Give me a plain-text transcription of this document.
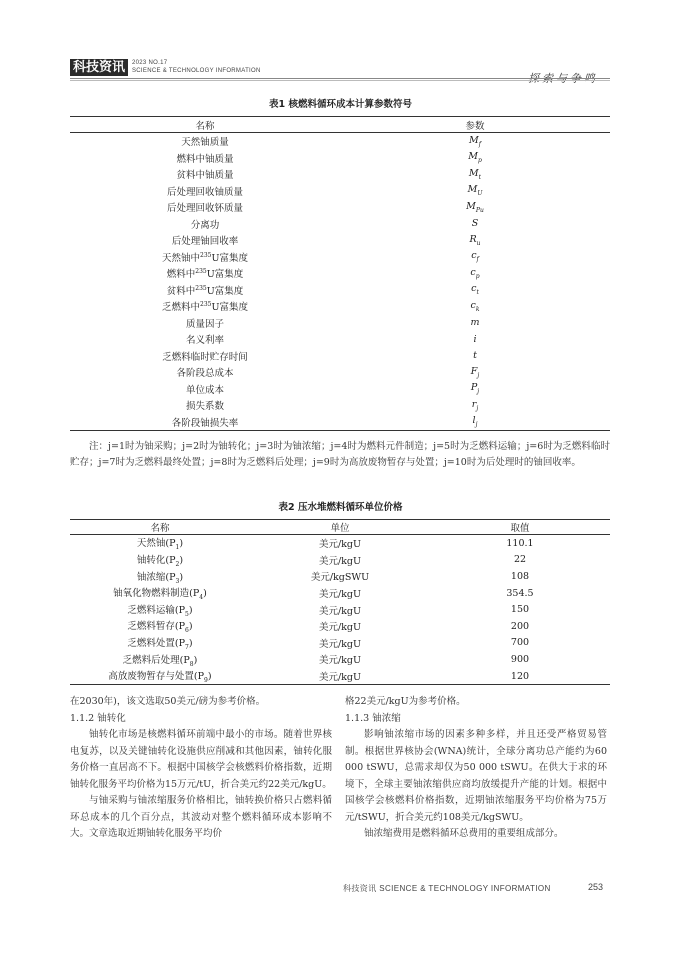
科技资讯	2023 NO.17
SCIENCE & TECHNOLOGY INFORMATION
探索与争鸣
表1 核燃料循环成本计算参数符号
名称	参数
天然铀质量	$M_f$
燃料中铀质量	$M_p$
贫料中铀质量	$M_t$
后处理回收铀质量	$M_U$
后处理回收钚质量	$M_{Pu}$
分离功	S
后处理铀回收率	$R_u$
天然铀中$^{235}$U富集度	$c_f$
燃料中$^{235}$U富集度	$c_p$
贫料中$^{235}$U富集度	$c_t$
乏燃料中$^{235}$U富集度	$c_k$
质量因子	m
名义利率	i
乏燃料临时贮存时间	t
各阶段总成本	$F_j$
单位成本	$P_j$
损失系数	$r_j$
各阶段铀损失率	$l_j$
注：j=1时为铀采购；j=2时为铀转化；j=3时为铀浓缩；j=4时为燃料元件制造；j=5时为乏燃料运输；j=6时为乏燃料临时贮存；j=7时为乏燃料最终处置；j=8时为乏燃料后处理；j=9时为高放废物暂存与处置；j=10时为后处理时的铀回收率。
表2 压水堆燃料循环单位价格
名称	单位	取值
天然铀$(P_1)$	美元/kgU	110.1
铀转化$(P_2)$	美元/kgU	22
铀浓缩$(P_3)$	美元/kgSWU	108
铀氧化物燃料制造$(P_4)$	美元/kgU	354.5
乏燃料运输$(P_5)$	美元/kgU	150
乏燃料暂存$(P_6)$	美元/kgU	200
乏燃料处置$(P_7)$	美元/kgU	700
乏燃料后处理$(P_8)$	美元/kgU	900
高放废物暂存与处置$(P_9)$	美元/kgU	120

在2030年)，该文选取50美元/磅为参考价格。

1.1.2 铀转化

铀转化市场是核燃料循环前端中最小的市场。随着世界核电复苏，以及关键铀转化设施供应削减和其他因素，铀转化服务价格一直居高不下。根据中国核学会核燃料价格指数，近期铀转化服务平均价格为15万元/tU，折合美元约22美元/kgU。

与铀采购与铀浓缩服务价格相比，铀转换价格只占燃料循环总成本的几个百分点，其波动对整个燃料循环成本影响不大。文章选取近期铀转化服务平均价

格22美元/kgU为参考价格。

1.1.3 铀浓缩

影响铀浓缩市场的因素多种多样，并且还受严格贸易管制。根据世界核协会(WNA)统计，全球分离功总产能约为60 000 tSWU，总需求却仅为50 000 tSWU。在供大于求的环境下，全球主要铀浓缩供应商均放缓提升产能的计划。根据中国核学会核燃料价格指数，近期铀浓缩服务平均价格为75万元/tSWU，折合美元约108美元/kgSWU。

铀浓缩费用是燃料循环总费用的重要组成部分。

科技资讯 SCIENCE & TECHNOLOGY INFORMATION	253
